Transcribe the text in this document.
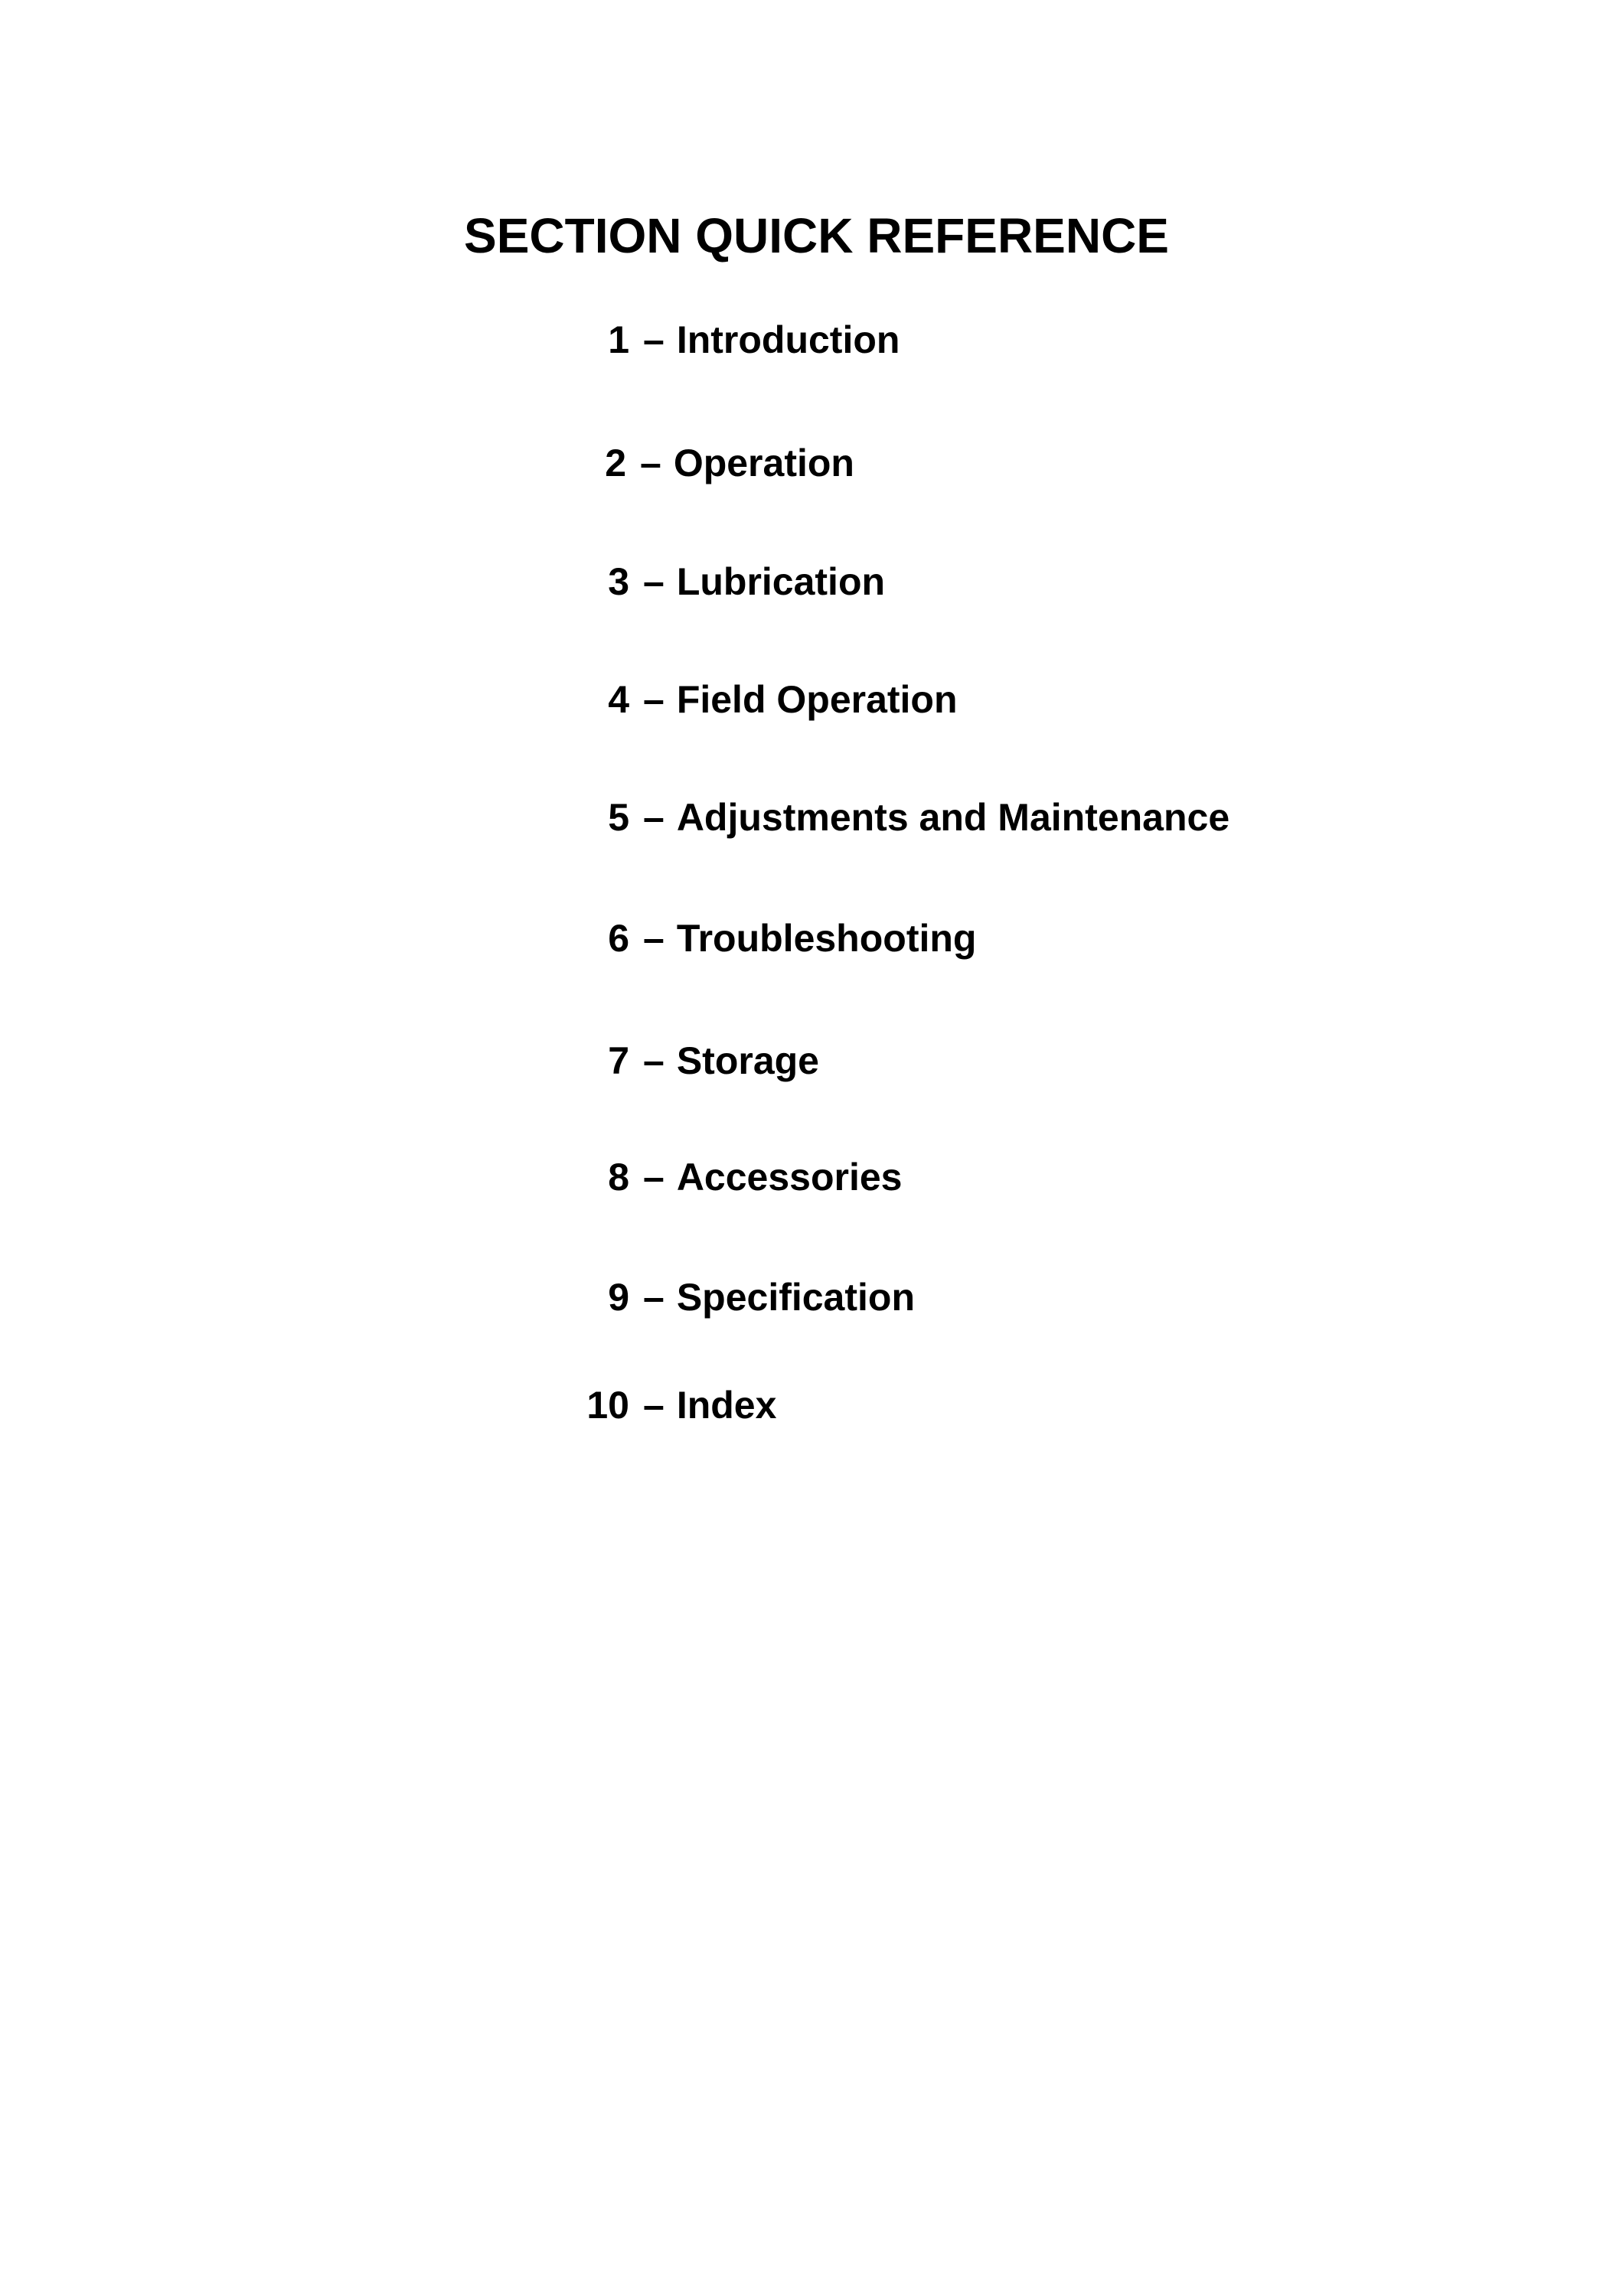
SECTION QUICK REFERENCE
1 – Introduction
2 – Operation
3 – Lubrication
4 – Field Operation
5 – Adjustments and Maintenance
6 – Troubleshooting
7 – Storage
8 – Accessories
9 – Specification
10 – Index
